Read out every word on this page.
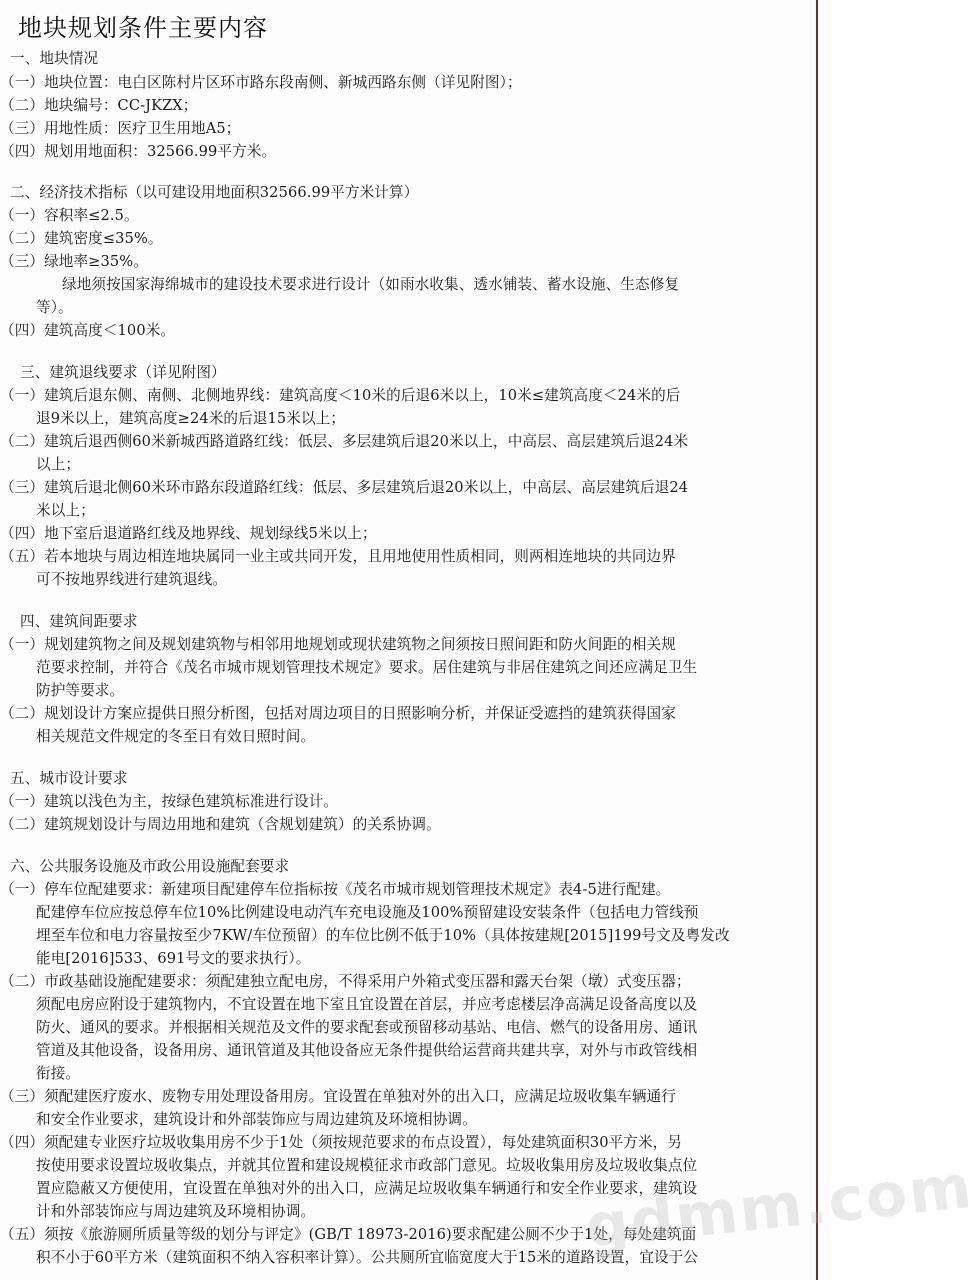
地块规划条件主要内容
一、地块情况
（一）地块位置：电白区陈村片区环市路东段南侧、新城西路东侧（详见附图）；
（二）地块编号：CC-JKZX；
（三）用地性质：医疗卫生用地A5；
（四）规划用地面积：32566.99平方米。
二、经济技术指标（以可建设用地面积32566.99平方米计算）
（一）容积率≤2.5。
（二）建筑密度≤35%。
（三）绿地率≥35%。
绿地须按国家海绵城市的建设技术要求进行设计（如雨水收集、透水铺装、蓄水设施、生态修复
等）。
（四）建筑高度＜100米。
三、建筑退线要求（详见附图）
（一）建筑后退东侧、南侧、北侧地界线：建筑高度＜10米的后退6米以上，10米≤建筑高度＜24米的后
退9米以上，建筑高度≥24米的后退15米以上；
（二）建筑后退西侧60米新城西路道路红线：低层、多层建筑后退20米以上，中高层、高层建筑后退24米
以上；
（三）建筑后退北侧60米环市路东段道路红线：低层、多层建筑后退20米以上，中高层、高层建筑后退24
米以上；
（四）地下室后退道路红线及地界线、规划绿线5米以上；
（五）若本地块与周边相连地块属同一业主或共同开发，且用地使用性质相同，则两相连地块的共同边界
可不按地界线进行建筑退线。
四、建筑间距要求
（一）规划建筑物之间及规划建筑物与相邻用地规划或现状建筑物之间须按日照间距和防火间距的相关规
范要求控制，并符合《茂名市城市规划管理技术规定》要求。居住建筑与非居住建筑之间还应满足卫生
防护等要求。
（二）规划设计方案应提供日照分析图，包括对周边项目的日照影响分析，并保证受遮挡的建筑获得国家
相关规范文件规定的冬至日有效日照时间。
五、城市设计要求
（一）建筑以浅色为主，按绿色建筑标准进行设计。
（二）建筑规划设计与周边用地和建筑（含规划建筑）的关系协调。
六、公共服务设施及市政公用设施配套要求
（一）停车位配建要求：新建项目配建停车位指标按《茂名市城市规划管理技术规定》表4-5进行配建。
配建停车位应按总停车位10%比例建设电动汽车充电设施及100%预留建设安装条件（包括电力管线预
埋至车位和电力容量按至少7KW/车位预留）的车位比例不低于10%（具体按建规[2015]199号文及粤发改
能电[2016]533、691号文的要求执行）。
（二）市政基础设施配建要求：须配建独立配电房，不得采用户外箱式变压器和露天台架（墩）式变压器；
须配电房应附设于建筑物内，不宜设置在地下室且宜设置在首层，并应考虑楼层净高满足设备高度以及
防火、通风的要求。并根据相关规范及文件的要求配套或预留移动基站、电信、燃气的设备用房、通讯
管道及其他设备，设备用房、通讯管道及其他设备应无条件提供给运营商共建共享，对外与市政管线相
衔接。
（三）须配建医疗废水、废物专用处理设备用房。宜设置在单独对外的出入口，应满足垃圾收集车辆通行
和安全作业要求，建筑设计和外部装饰应与周边建筑及环境相协调。
（四）须配建专业医疗垃圾收集用房不少于1处（须按规范要求的布点设置），每处建筑面积30平方米，另
按使用要求设置垃圾收集点，并就其位置和建设规模征求市政部门意见。垃圾收集用房及垃圾收集点位
置应隐蔽又方便使用，宜设置在单独对外的出入口，应满足垃圾收集车辆通行和安全作业要求，建筑设
计和外部装饰应与周边建筑及环境相协调。
（五）须按《旅游厕所质量等级的划分与评定》(GB/T 18973-2016)要求配建公厕不少于1处，每处建筑面
积不小于60平方米（建筑面积不纳入容积率计算）。公共厕所宜临宽度大于15米的道路设置，宜设于公
gdmm.com
